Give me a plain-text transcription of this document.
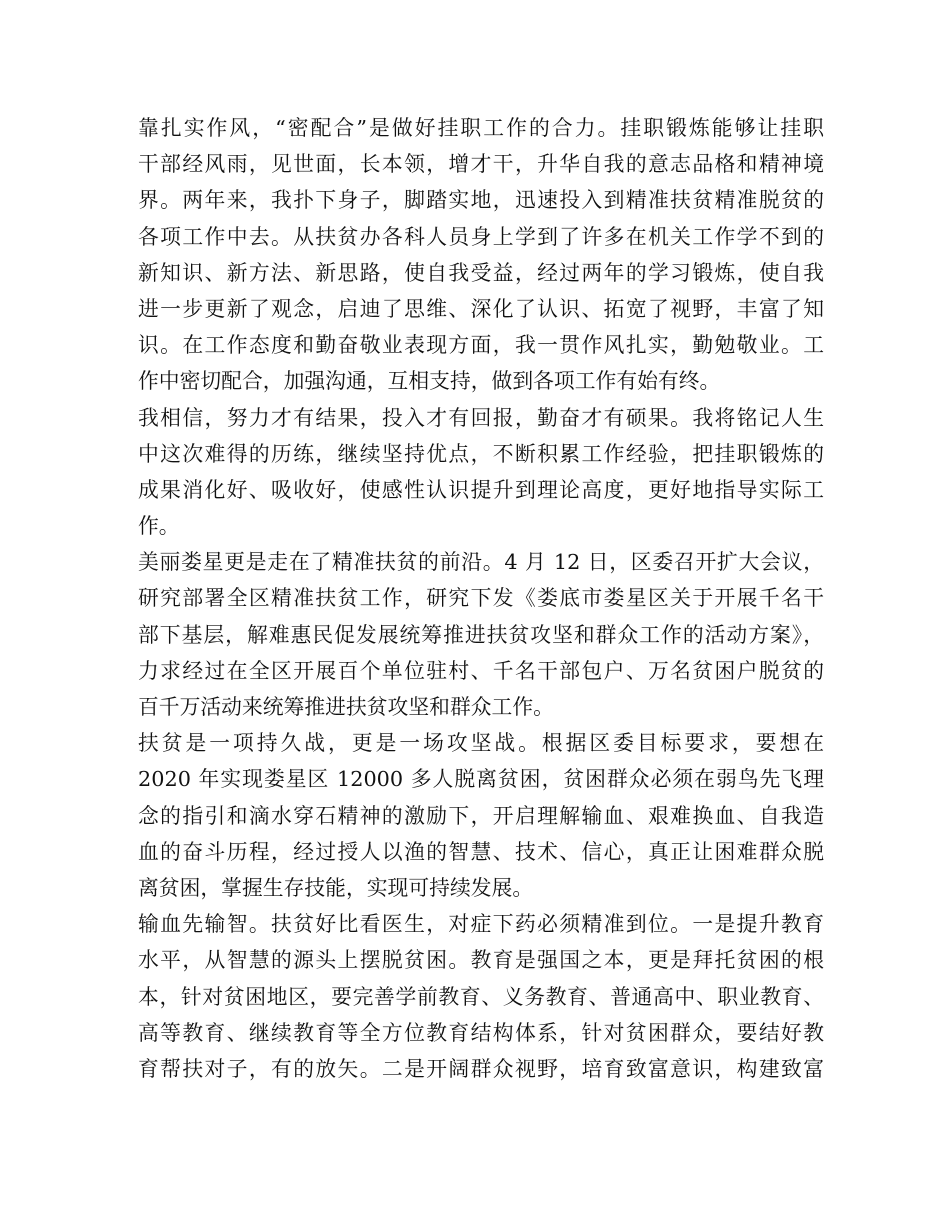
靠扎实作风，“密配合”是做好挂职工作的合力。挂职锻炼能够让挂职
干部经风雨，见世面，长本领，增才干，升华自我的意志品格和精神境
界。两年来，我扑下身子，脚踏实地，迅速投入到精准扶贫精准脱贫的
各项工作中去。从扶贫办各科人员身上学到了许多在机关工作学不到的
新知识、新方法、新思路，使自我受益，经过两年的学习锻炼，使自我
进一步更新了观念，启迪了思维、深化了认识、拓宽了视野，丰富了知
识。在工作态度和勤奋敬业表现方面，我一贯作风扎实，勤勉敬业。工
作中密切配合，加强沟通，互相支持，做到各项工作有始有终。
我相信，努力才有结果，投入才有回报，勤奋才有硕果。我将铭记人生
中这次难得的历练，继续坚持优点，不断积累工作经验，把挂职锻炼的
成果消化好、吸收好，使感性认识提升到理论高度，更好地指导实际工
作。
美丽娄星更是走在了精准扶贫的前沿。4 月 12 日，区委召开扩大会议，
研究部署全区精准扶贫工作，研究下发《娄底市娄星区关于开展千名干
部下基层，解难惠民促发展统筹推进扶贫攻坚和群众工作的活动方案》，
力求经过在全区开展百个单位驻村、千名干部包户、万名贫困户脱贫的
百千万活动来统筹推进扶贫攻坚和群众工作。
扶贫是一项持久战，更是一场攻坚战。根据区委目标要求，要想在
2020 年实现娄星区 12000 多人脱离贫困，贫困群众必须在弱鸟先飞理
念的指引和滴水穿石精神的激励下，开启理解输血、艰难换血、自我造
血的奋斗历程，经过授人以渔的智慧、技术、信心，真正让困难群众脱
离贫困，掌握生存技能，实现可持续发展。
输血先输智。扶贫好比看医生，对症下药必须精准到位。一是提升教育
水平，从智慧的源头上摆脱贫困。教育是强国之本，更是拜托贫困的根
本，针对贫困地区，要完善学前教育、义务教育、普通高中、职业教育、
高等教育、继续教育等全方位教育结构体系，针对贫困群众，要结好教
育帮扶对子，有的放矢。二是开阔群众视野，培育致富意识，构建致富
